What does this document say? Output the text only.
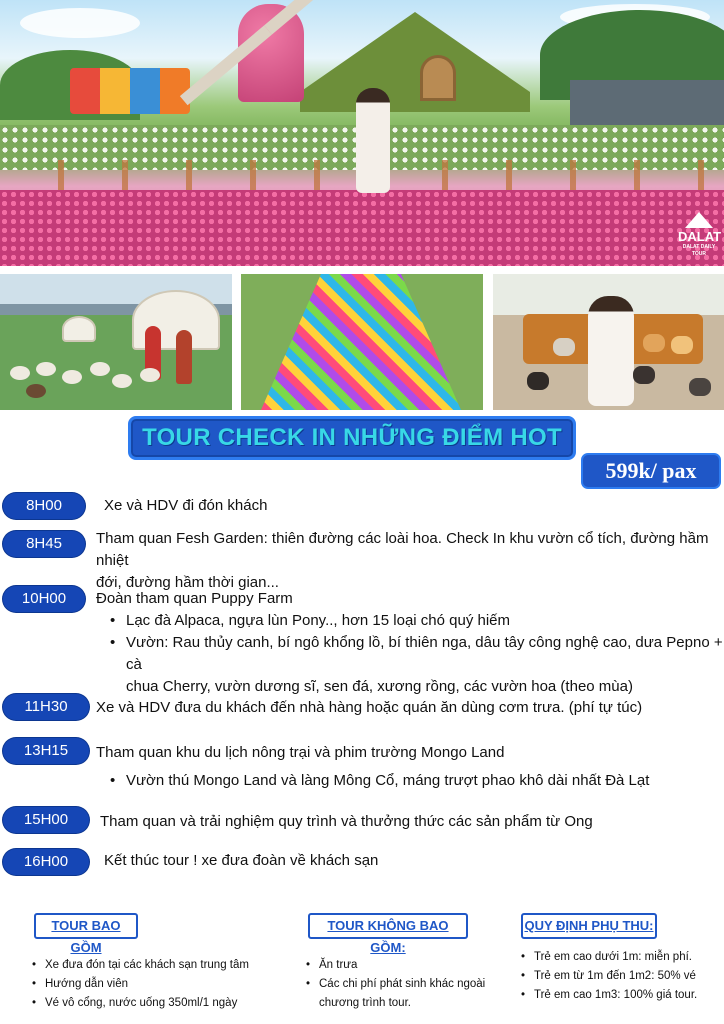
DALAT
DALAT DAILY TOUR
TOUR CHECK IN NHỮNG ĐIỂM HOT
599k/ pax
8H00	Xe và HDV đi đón khách
8H45	Tham quan Fesh Garden: thiên đường các loài hoa. Check In khu vườn cổ tích, đường hầm nhiệt
đới, đường hầm thời gian...
10H00	Đoàn tham quan Puppy Farm
• Lạc đà Alpaca, ngựa lùn Pony.., hơn 15 loại chó quý hiếm
• Vườn: Rau thủy canh, bí ngô khổng lồ, bí thiên nga, dâu tây công nghệ cao, dưa Pepno + cà
chua Cherry, vườn dương sĩ, sen đá, xương rồng, các vườn hoa (theo mùa)
11H30	Xe và HDV đưa du khách đến nhà hàng hoặc quán ăn dùng cơm trưa. (phí tự túc)
13H15	Tham quan khu du lịch nông trại và phim trường Mongo Land
• Vườn thú Mongo Land và làng Mông Cổ, máng trượt phao khô dài nhất Đà Lạt
15H00	Tham quan và trải nghiệm quy trình và thưởng thức các sản phẩm từ Ong
16H00	Kết thúc tour ! xe đưa đoàn về khách sạn
TOUR BAO GỒM
• Xe đưa đón tại các khách sạn trung tâm
• Hướng dẫn viên
• Vé vô cổng, nước uống 350ml/1 ngày
TOUR KHÔNG BAO GỒM:
• Ăn trưa
• Các chi phí phát sinh khác ngoài
chương trình tour.
QUY ĐỊNH PHỤ THU:
• Trẻ em cao dưới 1m: miễn phí.
• Trẻ em từ 1m đến 1m2: 50% vé
• Trẻ em cao 1m3: 100% giá tour.
